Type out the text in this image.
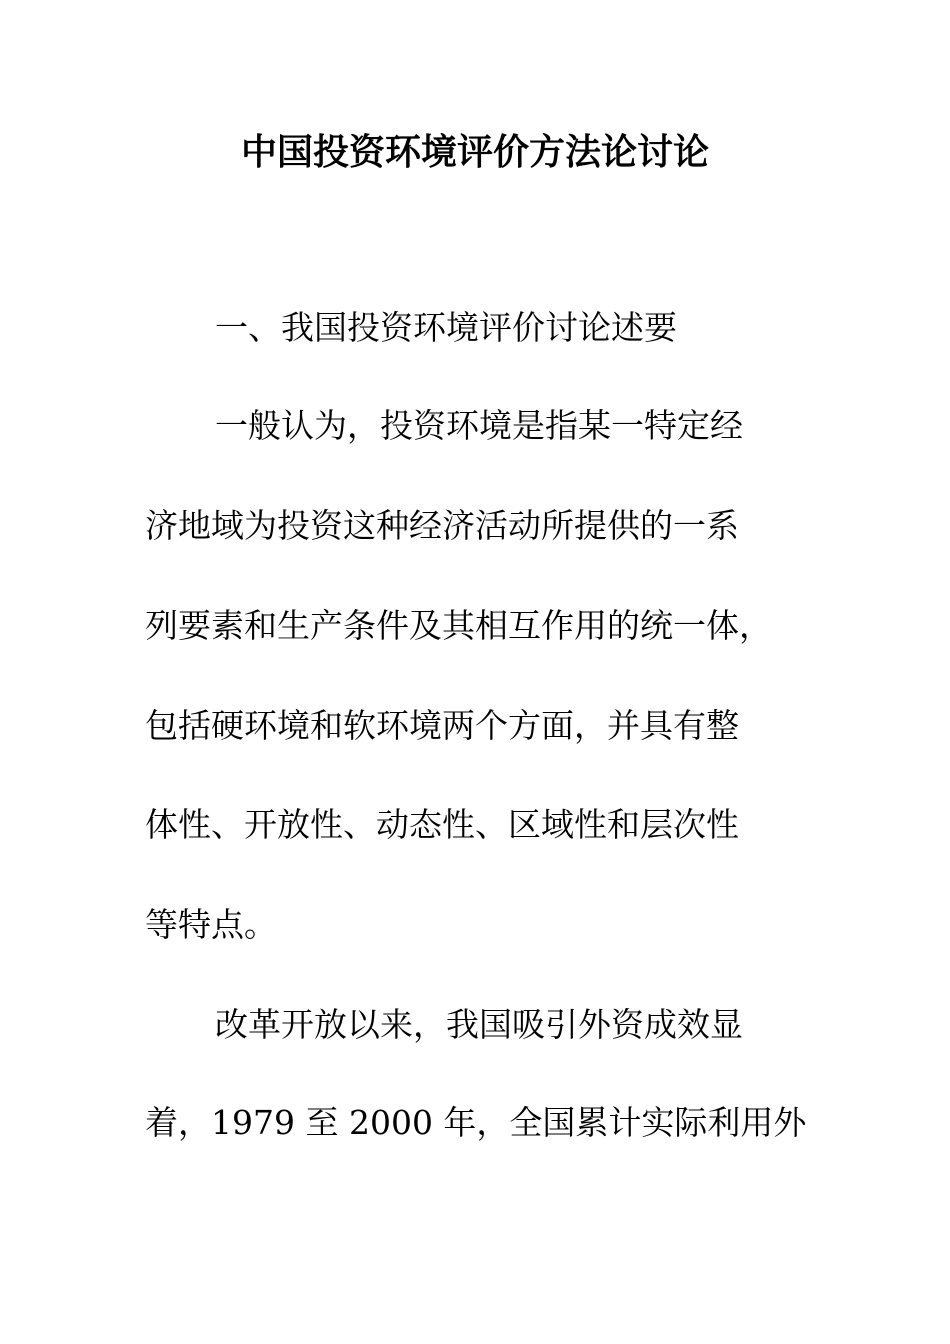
中国投资环境评价方法论讨论

一、我国投资环境评价讨论述要

一般认为，投资环境是指某一特定经

济地域为投资这种经济活动所提供的一系

列要素和生产条件及其相互作用的统一体，

包括硬环境和软环境两个方面，并具有整

体性、开放性、动态性、区域性和层次性

等特点。

改革开放以来，我国吸引外资成效显

着，1979 至 2000 年，全国累计实际利用外
